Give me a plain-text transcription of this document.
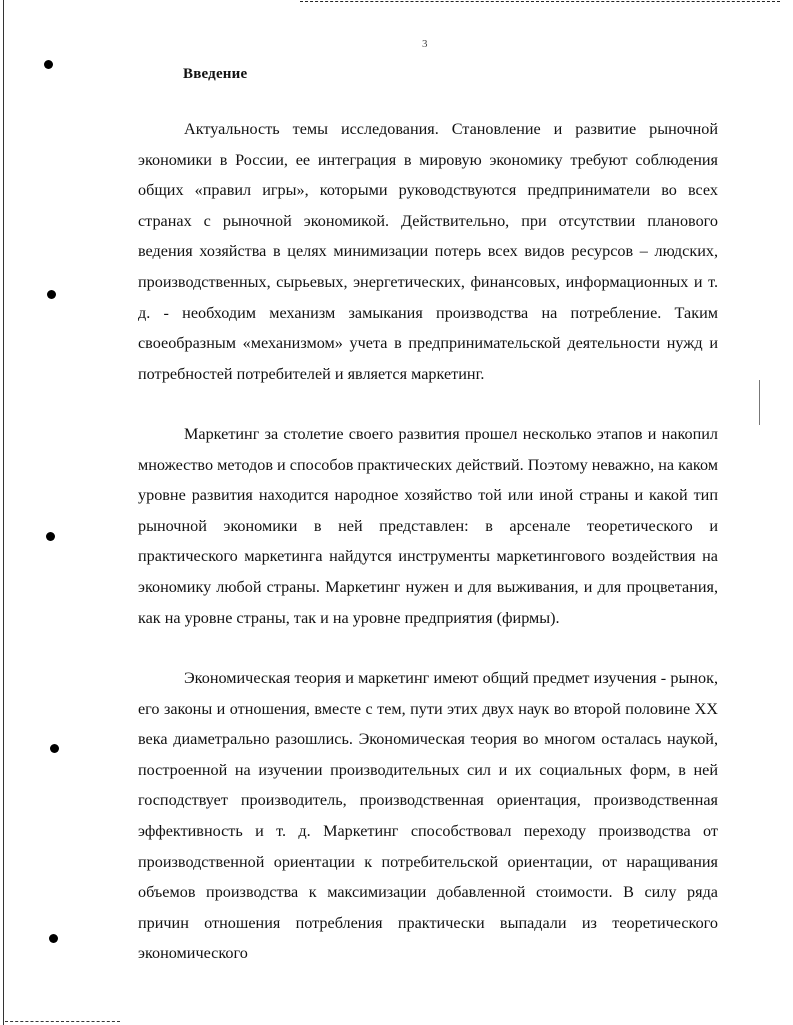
3
Введение

Актуальность темы исследования. Становление и развитие рыночной экономики в России, ее интеграция в мировую экономику требуют соблюдения общих «правил игры», которыми руководствуются предприниматели во всех странах с рыночной экономикой. Действительно, при отсутствии планового ведения хозяйства в целях минимизации потерь всех видов ресурсов – людских, производственных, сырьевых, энергетических, финансовых, информационных и т. д. - необходим механизм замыкания производства на потребление. Таким своеобразным «механизмом» учета в предпринимательской деятельности нужд и потребностей потребителей и является маркетинг.

Маркетинг за столетие своего развития прошел несколько этапов и накопил множество методов и способов практических действий. Поэтому неважно, на каком уровне развития находится народное хозяйство той или иной страны и какой тип рыночной экономики в ней представлен: в арсенале теоретического и практического маркетинга найдутся инструменты маркетингового воздействия на экономику любой страны. Маркетинг нужен и для выживания, и для процветания, как на уровне страны, так и на уровне предприятия (фирмы).

Экономическая теория и маркетинг имеют общий предмет изучения - рынок, его законы и отношения, вместе с тем, пути этих двух наук во второй половине XX века диаметрально разошлись. Экономическая теория во многом осталась наукой, построенной на изучении производительных сил и их социальных форм, в ней господствует производитель, производственная ориентация, производственная эффективность и т. д. Маркетинг способствовал переходу производства от производственной ориентации к потребительской ориентации, от наращивания объемов производства к максимизации добавленной стоимости. В силу ряда причин отношения потребления практически выпадали из теоретического экономического
